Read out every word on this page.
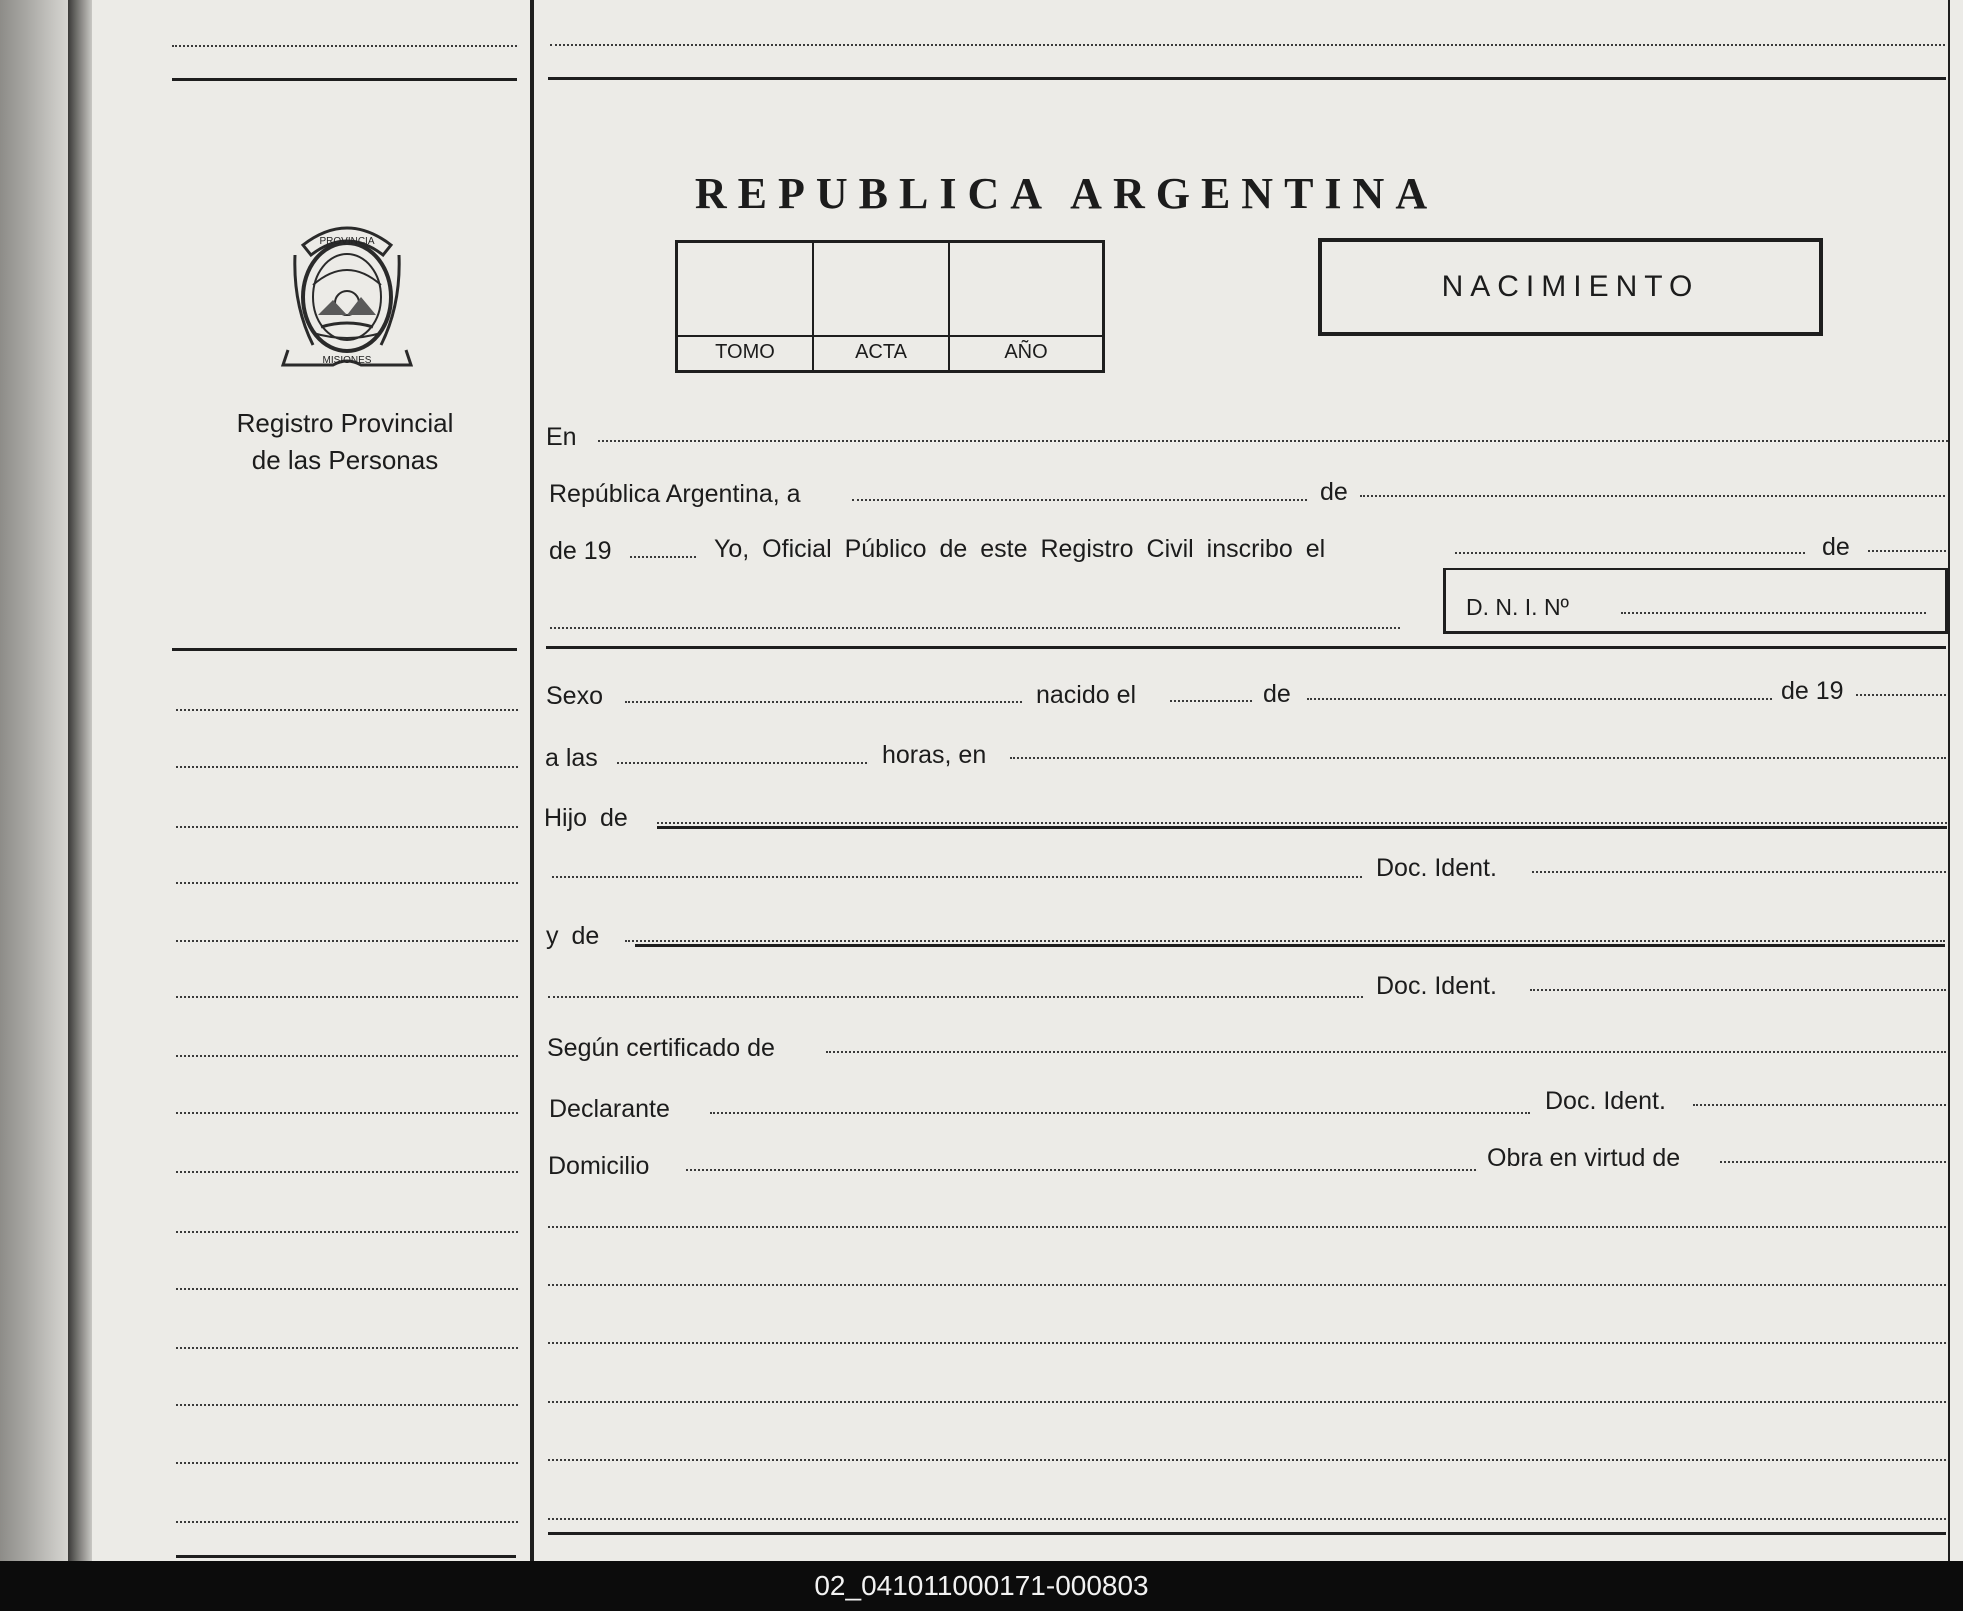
PROVINCIA
MISIONES
Registro Provincial
de las Personas
REPUBLICA ARGENTINA
TOMO	ACTA	AÑO
NACIMIENTO
En
República Argentina, a	de
de 19	Yo, Oficial Público de este Registro Civil inscribo el	de
D. N. I. Nº
Sexo	nacido el	de	de 19
a las	horas, en
Hijo de
Doc. Ident.
y de
Doc. Ident.
Según certificado de
Declarante	Doc. Ident.
Domicilio	Obra en virtud de
02_041011000171-000803
